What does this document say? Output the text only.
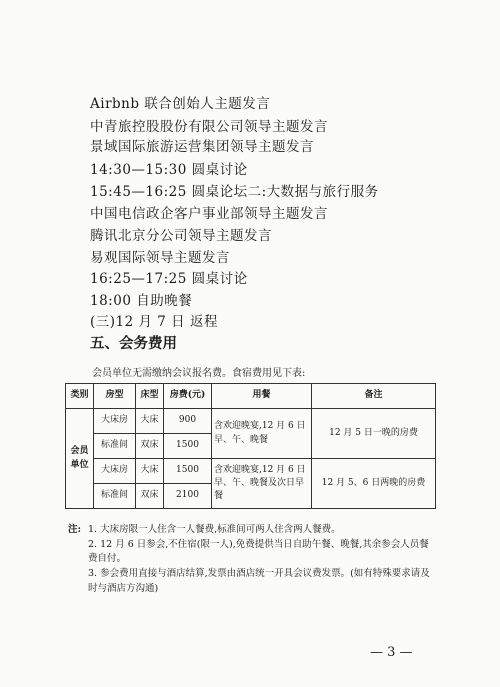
Airbnb 联合创始人主题发言
中青旅控股股份有限公司领导主题发言
景域国际旅游运营集团领导主题发言
14:30—15:30 圆桌讨论
15:45—16:25 圆桌论坛二:大数据与旅行服务
中国电信政企客户事业部领导主题发言
腾讯北京分公司领导主题发言
易观国际领导主题发言
16:25—17:25 圆桌讨论
18:00 自助晚餐
(三)12 月 7 日 返程
五、会务费用
会员单位无需缴纳会议报名费。食宿费用见下表:
类别	房型	床型	房费(元)	用餐	备注
会员单位	大床房	大床	900	含欢迎晚宴,12 月 6 日早、午、晚餐	12 月 5 日一晚的房费
	标准间	双床	1500		
	大床房	大床	1500	含欢迎晚宴,12 月 6 日早、午、晚餐及次日早餐	12 月 5、6 日两晚的房费
	标准间	双床	2100		
注: 1. 大床房限一人住含一人餐费,标准间可两人住含两人餐费。
2. 12 月 6 日参会,不住宿(限一人),免费提供当日自助午餐、晚餐,其余参会人员餐费自付。
3. 参会费用直接与酒店结算,发票由酒店统一开具会议费发票。(如有特殊要求请及时与酒店方沟通)
— 3 —
